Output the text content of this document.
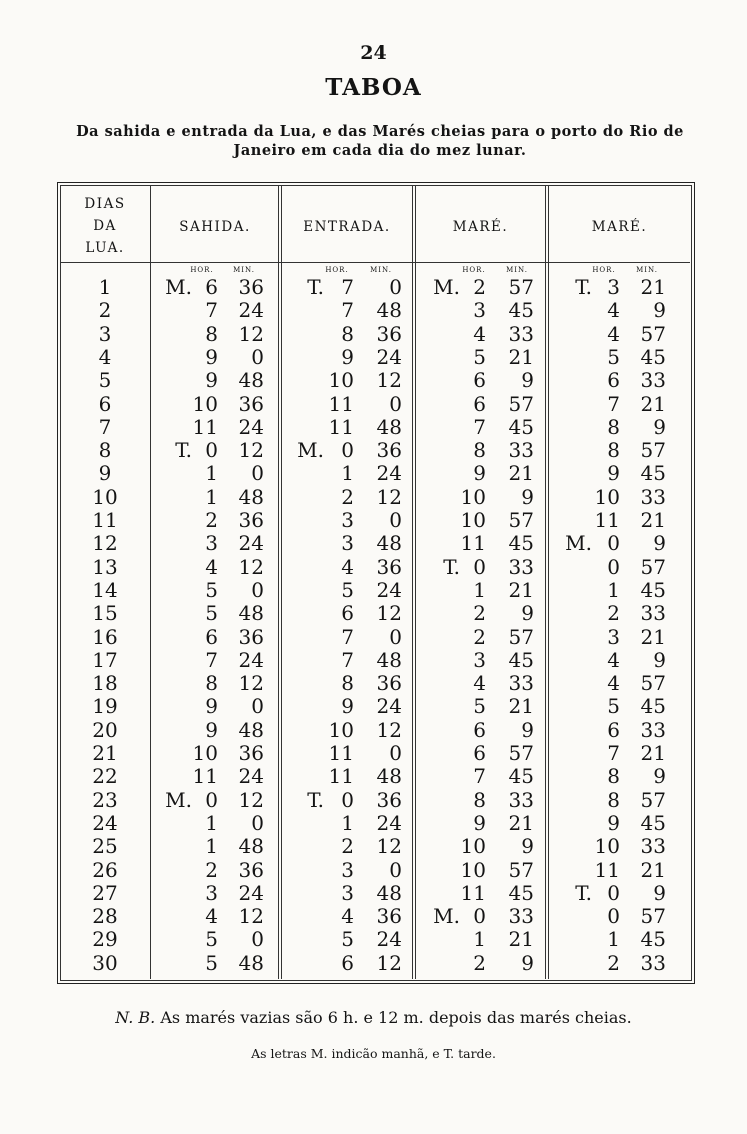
24
TABOA
Da sahida e entrada da Lua, e das Marés cheias para o porto do Rio de
Janeiro em cada dia do mez lunar.
DIAS
DA
LUA.
SAHIDA.	ENTRADA.	MARÉ.	MARÉ.
HOR.	MIN.	HOR.	MIN.	HOR.	MIN.	HOR.	MIN.
1	M. 6	36	T. 7	0	M. 2	57	T. 3	21
2	7	24	7	48	3	45	4	9
3	8	12	8	36	4	33	4	57
4	9	0	9	24	5	21	5	45
5	9	48	10	12	6	9	6	33
6	10	36	11	0	6	57	7	21
7	11	24	11	48	7	45	8	9
8	T. 0	12	M. 0	36	8	33	8	57
9	1	0	1	24	9	21	9	45
10	1	48	2	12	10	9	10	33
11	2	36	3	0	10	57	11	21
12	3	24	3	48	11	45	M. 0	9
13	4	12	4	36	T. 0	33	0	57
14	5	0	5	24	1	21	1	45
15	5	48	6	12	2	9	2	33
16	6	36	7	0	2	57	3	21
17	7	24	7	48	3	45	4	9
18	8	12	8	36	4	33	4	57
19	9	0	9	24	5	21	5	45
20	9	48	10	12	6	9	6	33
21	10	36	11	0	6	57	7	21
22	11	24	11	48	7	45	8	9
23	M. 0	12	T. 0	36	8	33	8	57
24	1	0	1	24	9	21	9	45
25	1	48	2	12	10	9	10	33
26	2	36	3	0	10	57	11	21
27	3	24	3	48	11	45	T. 0	9
28	4	12	4	36	M. 0	33	0	57
29	5	0	5	24	1	21	1	45
30	5	48	6	12	2	9	2	33
N. B. As marés vazias são 6 h. e 12 m. depois das marés cheias.
As letras M. indicão manhã, e T. tarde.
